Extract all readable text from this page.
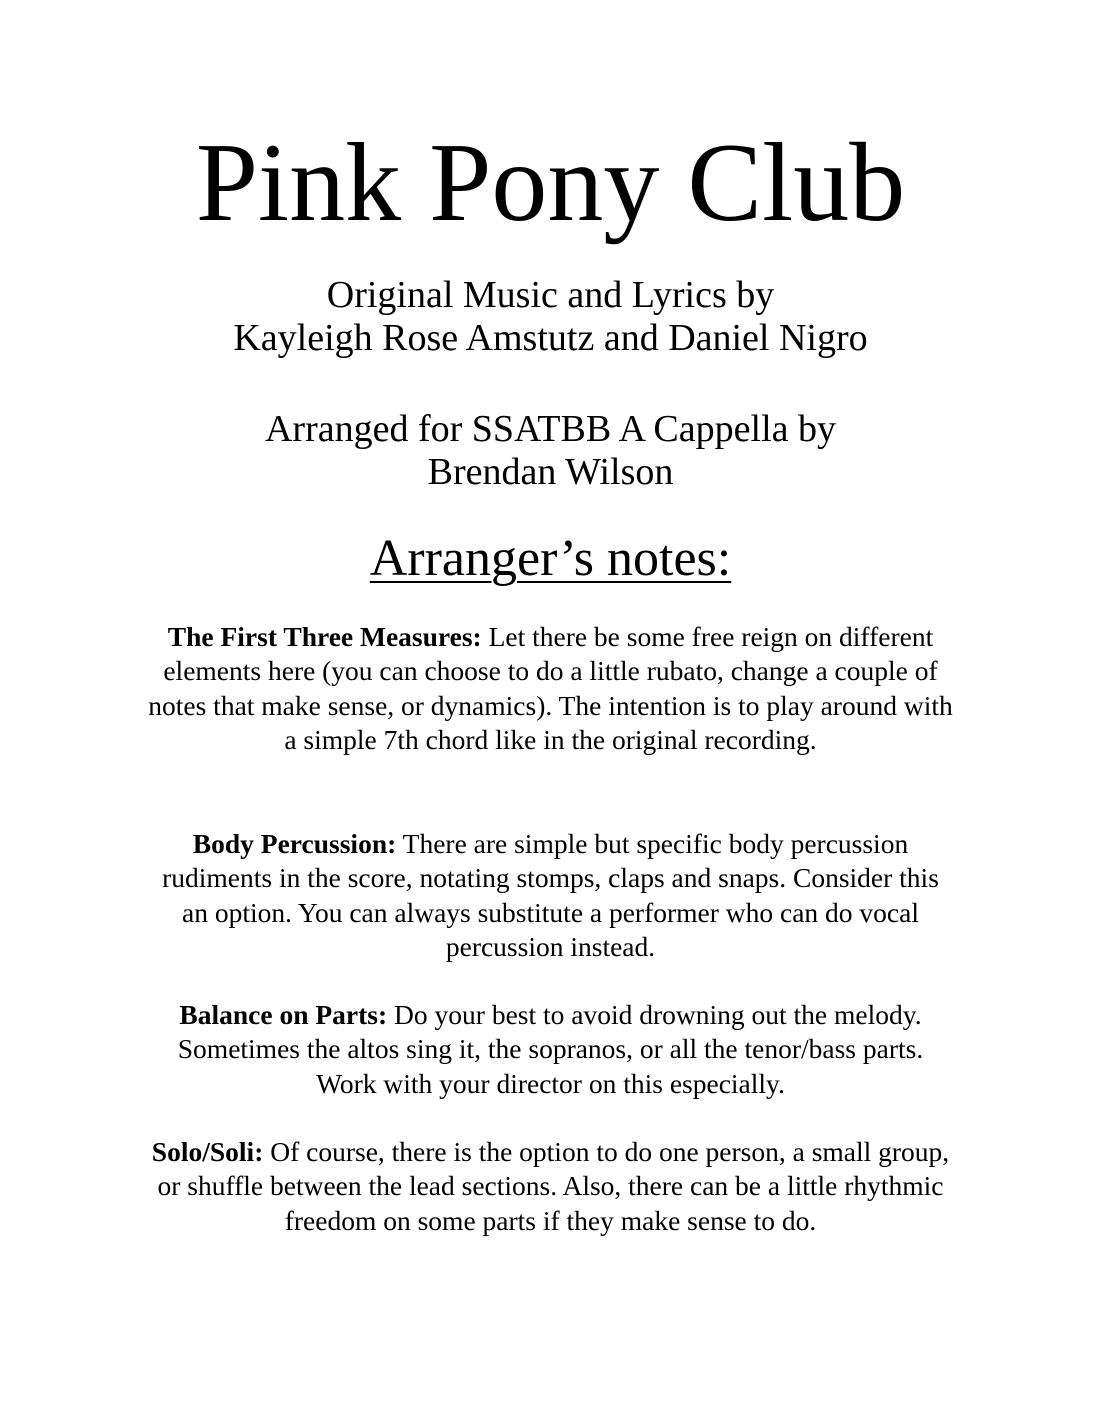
Pink Pony Club
Original Music and Lyrics by
Kayleigh Rose Amstutz and Daniel Nigro
Arranged for SSATBB A Cappella by
Brendan Wilson
Arranger’s notes:
The First Three Measures: Let there be some free reign on different elements here (you can choose to do a little rubato, change a couple of notes that make sense, or dynamics). The intention is to play around with a simple 7th chord like in the original recording.
Body Percussion: There are simple but specific body percussion rudiments in the score, notating stomps, claps and snaps. Consider this an option. You can always substitute a performer who can do vocal percussion instead.
Balance on Parts: Do your best to avoid drowning out the melody. Sometimes the altos sing it, the sopranos, or all the tenor/bass parts. Work with your director on this especially.
Solo/Soli: Of course, there is the option to do one person, a small group, or shuffle between the lead sections. Also, there can be a little rhythmic freedom on some parts if they make sense to do.
